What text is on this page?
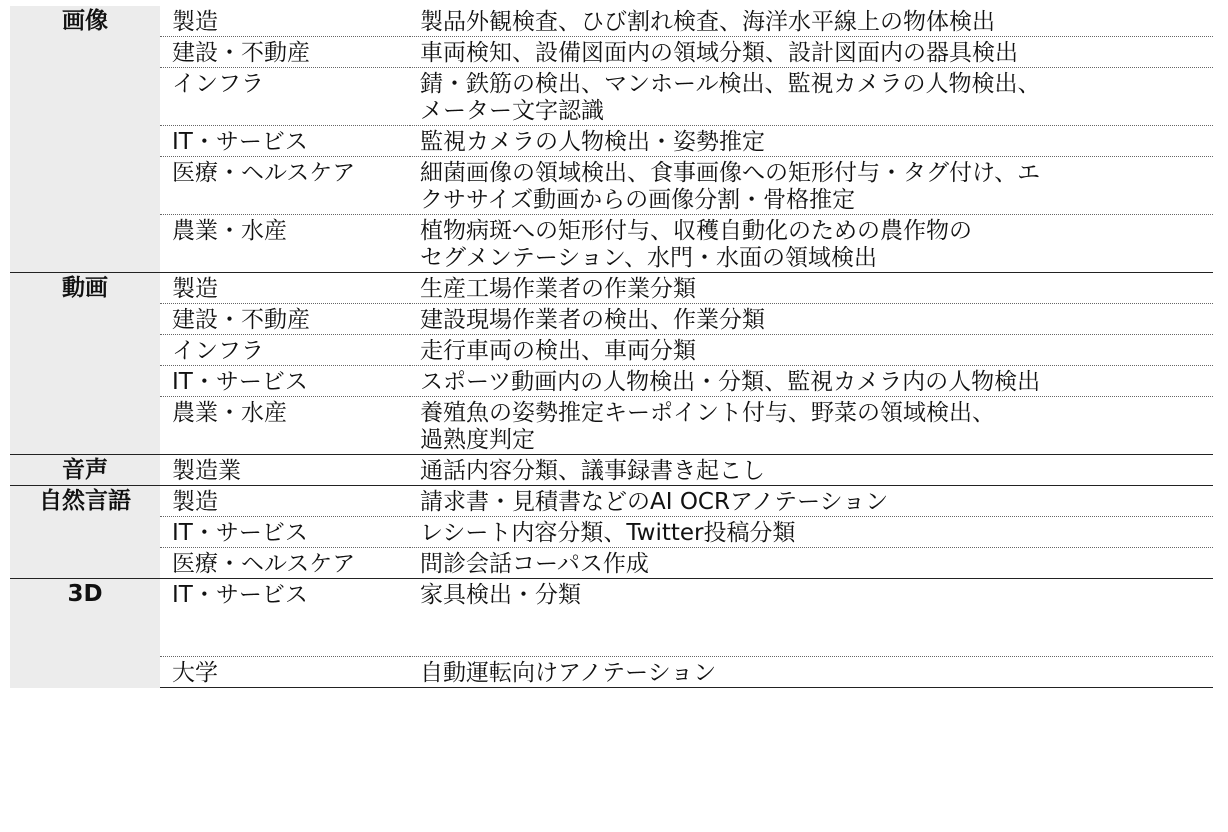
画像	製造	製品外観検査、ひび割れ検査、海洋水平線上の物体検出

	建設・不動産	車両検知、設備図面内の領域分類、設計図面内の器具検出

	インフラ	錆・鉄筋の検出、マンホール検出、監視カメラの人物検出、
メーター文字認識

	IT・サービス	監視カメラの人物検出・姿勢推定

	医療・ヘルスケア	細菌画像の領域検出、食事画像への矩形付与・タグ付け、エ
クササイズ動画からの画像分割・骨格推定

	農業・水産	植物病斑への矩形付与、収穫自動化のための農作物の
セグメンテーション、水門・水面の領域検出

動画	製造	生産工場作業者の作業分類

	建設・不動産	建設現場作業者の検出、作業分類

	インフラ	走行車両の検出、車両分類

	IT・サービス	スポーツ動画内の人物検出・分類、監視カメラ内の人物検出

	農業・水産	養殖魚の姿勢推定キーポイント付与、野菜の領域検出、
過熟度判定

音声	製造業	通話内容分類、議事録書き起こし

自然言語	製造	請求書・見積書などのAI OCRアノテーション

	IT・サービス	レシート内容分類、Twitter投稿分類

	医療・ヘルスケア	問診会話コーパス作成

3D	IT・サービス	家具検出・分類

	大学	自動運転向けアノテーション
